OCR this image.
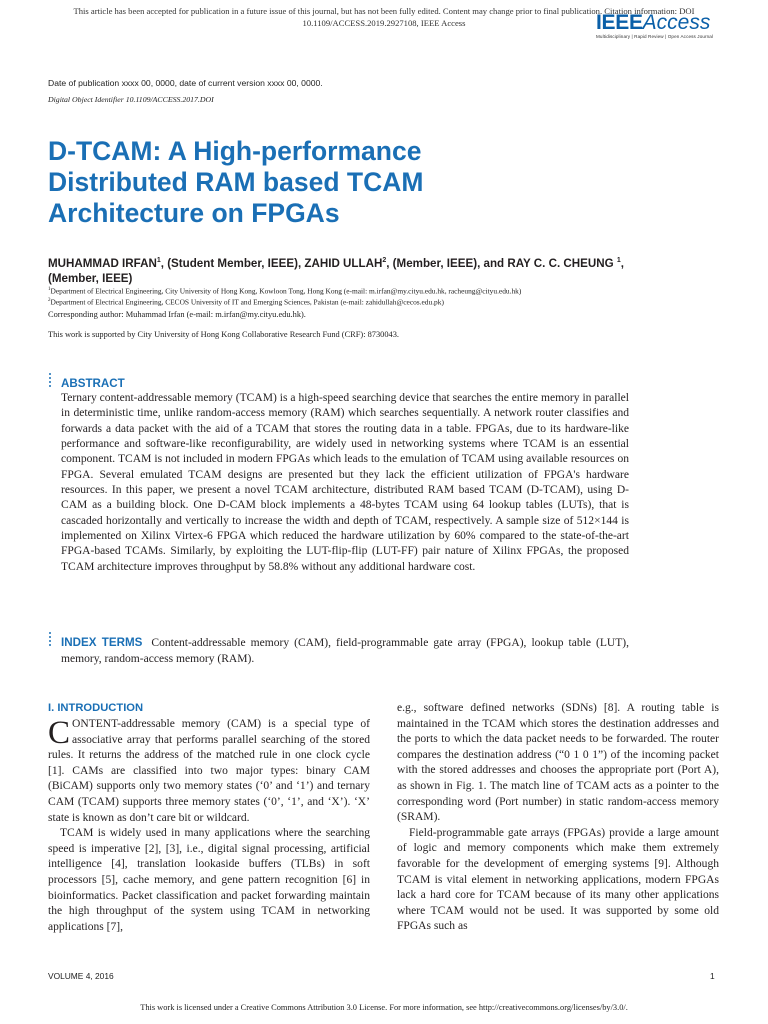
This article has been accepted for publication in a future issue of this journal, but has not been fully edited. Content may change prior to final publication. Citation information: DOI
10.1109/ACCESS.2019.2927108, IEEE Access	IEEEAccess
Multidisciplinary | Rapid Review | Open Access Journal
Date of publication xxxx 00, 0000, date of current version xxxx 00, 0000.
Digital Object Identifier 10.1109/ACCESS.2017.DOI
D-TCAM: A High-performance Distributed RAM based TCAM Architecture on FPGAs
MUHAMMAD IRFAN$^1$, (Student Member, IEEE), ZAHID ULLAH$^2$, (Member, IEEE), and RAY C. C. CHEUNG $^1$, (Member, IEEE)
$^1$Department of Electrical Engineering, City University of Hong Kong, Kowloon Tong, Hong Kong (e-mail: m.irfan@my.cityu.edu.hk, racheung@cityu.edu.hk)
$^2$Department of Electrical Engineering, CECOS University of IT and Emerging Sciences, Pakistan (e-mail: zahidullah@cecos.edu.pk)
Corresponding author: Muhammad Irfan (e-mail: m.irfan@my.cityu.edu.hk).
This work is supported by City University of Hong Kong Collaborative Research Fund (CRF): 8730043.
ABSTRACT
Ternary content-addressable memory (TCAM) is a high-speed searching device that searches the entire memory in parallel in deterministic time, unlike random-access memory (RAM) which searches sequentially. A network router classifies and forwards a data packet with the aid of a TCAM that stores the routing data in a table. FPGAs, due to its hardware-like performance and software-like reconfigurability, are widely used in networking systems where TCAM is an essential component. TCAM is not included in modern FPGAs which leads to the emulation of TCAM using available resources on FPGA. Several emulated TCAM designs are presented but they lack the efficient utilization of FPGA's hardware resources. In this paper, we present a novel TCAM architecture, distributed RAM based TCAM (D-TCAM), using D-CAM as a building block. One D-CAM block implements a 48-bytes TCAM using 64 lookup tables (LUTs), that is cascaded horizontally and vertically to increase the width and depth of TCAM, respectively. A sample size of 512×144 is implemented on Xilinx Virtex-6 FPGA which reduced the hardware utilization by 60% compared to the state-of-the-art FPGA-based TCAMs. Similarly, by exploiting the LUT-flip-flip (LUT-FF) pair nature of Xilinx FPGAs, the proposed TCAM architecture improves throughput by 58.8% without any additional hardware cost.
INDEX TERMS Content-addressable memory (CAM), field-programmable gate array (FPGA), lookup table (LUT), memory, random-access memory (RAM).
I. INTRODUCTION

CONTENT-addressable memory (CAM) is a special type of associative array that performs parallel searching of the stored rules. It returns the address of the matched rule in one clock cycle [1]. CAMs are classified into two major types: binary CAM (BiCAM) supports only two memory states (‘0’ and ‘1’) and ternary CAM (TCAM) supports three memory states (‘0’, ‘1’, and ‘X’). ‘X’ state is known as don’t care bit or wildcard.

TCAM is widely used in many applications where the searching speed is imperative [2], [3], i.e., digital signal processing, artificial intelligence [4], translation lookaside buffers (TLBs) in soft processors [5], cache memory, and gene pattern recognition [6] in bioinformatics. Packet classification and packet forwarding maintain the high throughput of the system using TCAM in networking applications [7],

e.g., software defined networks (SDNs) [8]. A routing table is maintained in the TCAM which stores the destination addresses and the ports to which the data packet needs to be forwarded. The router compares the destination address (“0 1 0 1”) of the incoming packet with the stored addresses and chooses the appropriate port (Port A), as shown in Fig. 1. The match line of TCAM acts as a pointer to the corresponding word (Port number) in static random-access memory (SRAM).

Field-programmable gate arrays (FPGAs) provide a large amount of logic and memory components which make them extremely favorable for the development of emerging systems [9]. Although TCAM is vital element in networking applications, modern FPGAs lack a hard core for TCAM because of its many other applications where TCAM would not be used. It was supported by some old FPGAs such as

VOLUME 4, 2016	1
This work is licensed under a Creative Commons Attribution 3.0 License. For more information, see http://creativecommons.org/licenses/by/3.0/.
